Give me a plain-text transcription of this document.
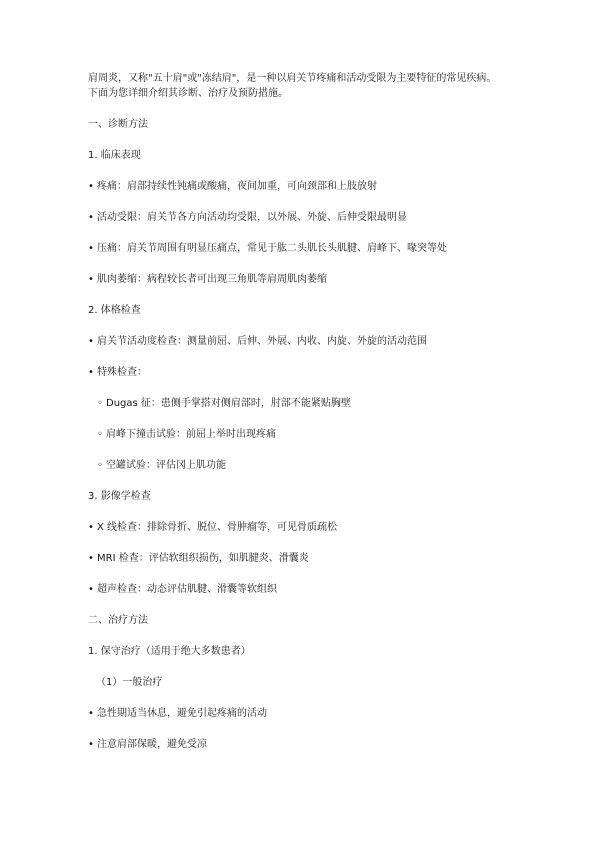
肩周炎，又称"五十肩"或"冻结肩"，是一种以肩关节疼痛和活动受限为主要特征的常见疾病。
下面为您详细介绍其诊断、治疗及预防措施。

一、诊断方法

1. 临床表现

• 疼痛：肩部持续性钝痛或酸痛，夜间加重，可向颈部和上肢放射

• 活动受限：肩关节各方向活动均受限，以外展、外旋、后伸受限最明显

• 压痛：肩关节周围有明显压痛点，常见于肱二头肌长头肌腱、肩峰下、喙突等处

• 肌肉萎缩：病程较长者可出现三角肌等肩周肌肉萎缩

2. 体格检查

• 肩关节活动度检查：测量前屈、后伸、外展、内收、内旋、外旋的活动范围

• 特殊检查：

◦ Dugas 征：患侧手掌搭对侧肩部时，肘部不能紧贴胸壁

◦ 肩峰下撞击试验：前屈上举时出现疼痛

◦ 空罐试验：评估冈上肌功能

3. 影像学检查

• X 线检查：排除骨折、脱位、骨肿瘤等，可见骨质疏松

• MRI 检查：评估软组织损伤，如肌腱炎、滑囊炎

• 超声检查：动态评估肌腱、滑囊等软组织

二、治疗方法

1. 保守治疗（适用于绝大多数患者）

（1）一般治疗

• 急性期适当休息，避免引起疼痛的活动

• 注意肩部保暖，避免受凉
